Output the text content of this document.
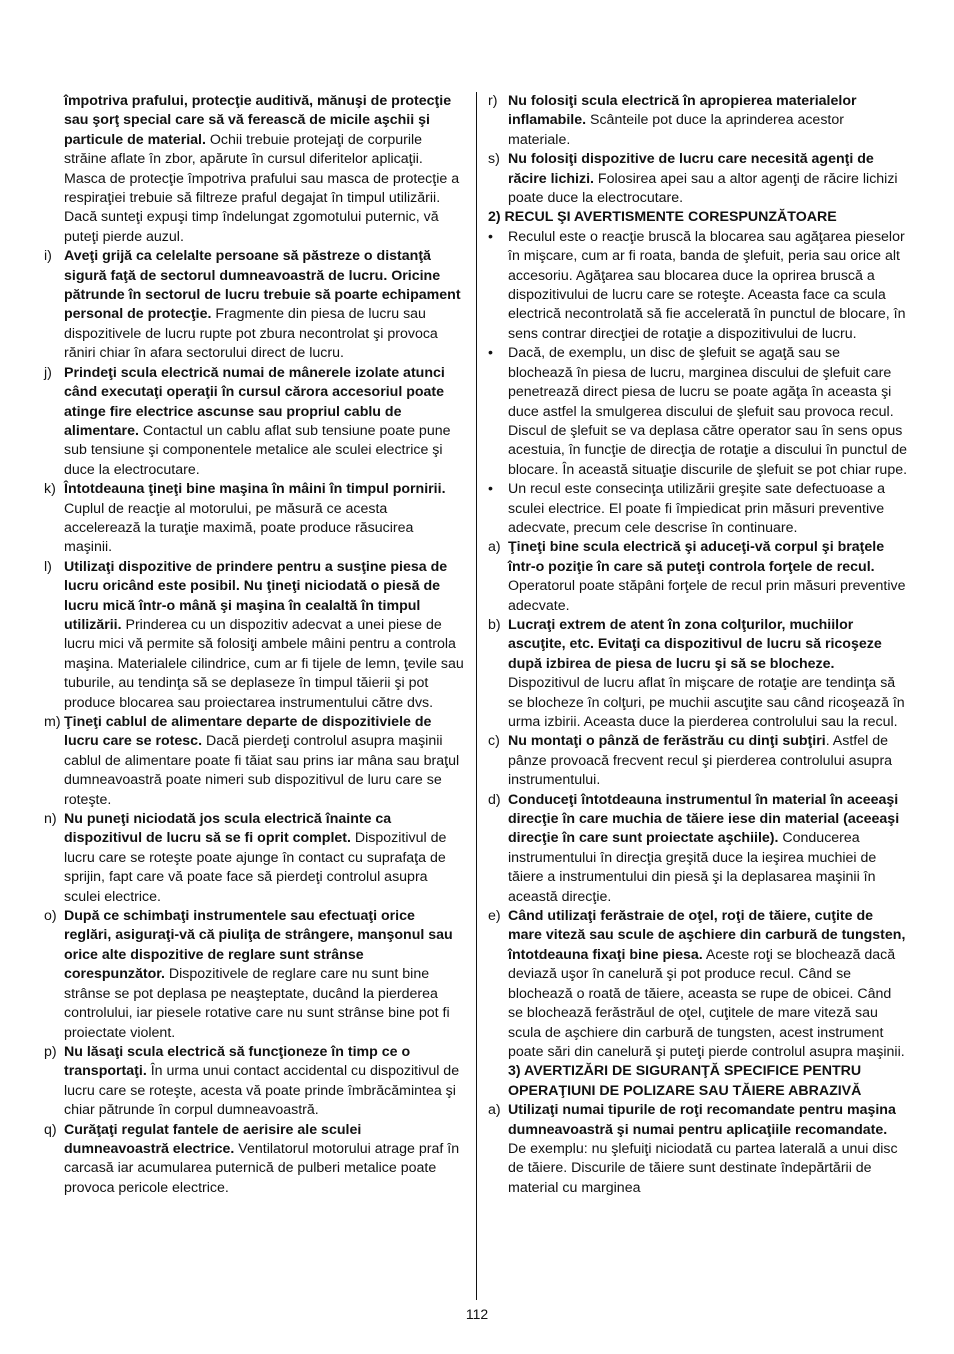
împotriva prafului, protecţie auditivă, mănuşi de protecţie sau şorţ special care să vă ferească de micile aşchii şi particule de material. Ochii trebuie protejaţi de corpurile străine aflate în zbor, apărute în cursul diferitelor aplicaţii. Masca de protecţie împotriva prafului sau masca de protecţie a respiraţiei trebuie să filtreze praful degajat în timpul utilizării. Dacă sunteţi expuşi timp îndelungat zgomotului puternic, vă puteţi pierde auzul.
i) Aveţi grijă ca celelalte persoane să păstreze o distanţă sigură faţă de sectorul dumneavoastră de lucru. Oricine pătrunde în sectorul de lucru trebuie să poarte echipament personal de protecţie. Fragmente din piesa de lucru sau dispozitivele de lucru rupte pot zbura necontrolat şi provoca răniri chiar în afara sectorului direct de lucru.
j) Prindeţi scula electrică numai de mânerele izolate atunci când executaţi operaţii în cursul cărora accesoriul poate atinge fire electrice ascunse sau propriul cablu de alimentare. Contactul un cablu aflat sub tensiune poate pune sub tensiune şi componentele metalice ale sculei electrice şi duce la electrocutare.
k) Întotdeauna ţineţi bine maşina în mâini în timpul pornirii. Cuplul de reacţie al motorului, pe măsură ce acesta accelerează la turaţie maximă, poate produce răsucirea maşinii.
l) Utilizaţi dispozitive de prindere pentru a susţine piesa de lucru oricând este posibil. Nu ţineţi niciodată o piesă de lucru mică într-o mână şi maşina în cealaltă în timpul utilizării. Prinderea cu un dispozitiv adecvat a unei piese de lucru mici vă permite să folosiţi ambele mâini pentru a controla maşina. Materialele cilindrice, cum ar fi tijele de lemn, ţevile sau tuburile, au tendinţa să se deplaseze în timpul tăierii şi pot produce blocarea sau proiectarea instrumentului către dvs.
m) Ţineţi cablul de alimentare departe de dispozitiviele de lucru care se rotesc. Dacă pierdeţi controlul asupra maşinii cablul de alimentare poate fi tăiat sau prins iar mâna sau braţul dumneavoastră poate nimeri sub dispozitivul de luru care se roteşte.
n) Nu puneţi niciodată jos scula electrică înainte ca dispozitivul de lucru să se fi oprit complet. Dispozitivul de lucru care se roteşte poate ajunge în contact cu suprafaţa de sprijin, fapt care vă poate face să pierdeţi controlul asupra sculei electrice.
o) După ce schimbaţi instrumentele sau efectuaţi orice reglări, asiguraţi-vă că piuliţa de strângere, manşonul sau orice alte dispozitive de reglare sunt strânse corespunzător. Dispozitivele de reglare care nu sunt bine strânse se pot deplasa pe neaşteptate, ducând la pierderea controlului, iar piesele rotative care nu sunt strânse bine pot fi proiectate violent.
p) Nu lăsaţi scula electrică să funcţioneze în timp ce o transportaţi. În urma unui contact accidental cu dispozitivul de lucru care se roteşte, acesta vă poate prinde îmbrăcămintea şi chiar pătrunde în corpul dumneavoastră.
q) Curăţaţi regulat fantele de aerisire ale sculei dumneavoastră electrice. Ventilatorul motorului atrage praf în carcasă iar acumularea puternică de pulberi metalice poate provoca pericole electrice.
r) Nu folosiţi scula electrică în apropierea materialelor inflamabile. Scânteile pot duce la aprinderea acestor materiale.
s) Nu folosiţi dispozitive de lucru care necesită agenţi de răcire lichizi. Folosirea apei sau a altor agenţi de răcire lichizi poate duce la electrocutare.
2) RECUL ŞI AVERTISMENTE CORESPUNZĂTOARE
• Reculul este o reacţie bruscă la blocarea sau agăţarea pieselor în mişcare, cum ar fi roata, banda de şlefuit, peria sau orice alt accesoriu. Agăţarea sau blocarea duce la oprirea bruscă a dispozitivului de lucru care se roteşte. Aceasta face ca scula electrică necontrolată să fie accelerată în punctul de blocare, în sens contrar direcţiei de rotaţie a dispozitivului de lucru.
• Dacă, de exemplu, un disc de şlefuit se agaţă sau se blochează în piesa de lucru, marginea discului de şlefuit care penetrează direct piesa de lucru se poate agăţa în aceasta şi duce astfel la smulgerea discului de şlefuit sau provoca recul. Discul de şlefuit se va deplasa către operator sau în sens opus acestuia, în funcţie de direcţia de rotaţie a discului în punctul de blocare. În această situaţie discurile de şlefuit se pot chiar rupe.
• Un recul este consecinţa utilizării greşite sate defectuoase a sculei electrice. El poate fi împiedicat prin măsuri preventive adecvate, precum cele descrise în continuare.
a) Ţineţi bine scula electrică şi aduceţi-vă corpul şi braţele într-o poziţie în care să puteţi controla forţele de recul. Operatorul poate stăpâni forţele de recul prin măsuri preventive adecvate.
b) Lucraţi extrem de atent în zona colţurilor, muchiilor ascuţite, etc. Evitaţi ca dispozitivul de lucru să ricoşeze după izbirea de piesa de lucru şi să se blocheze. Dispozitivul de lucru aflat în mişcare de rotaţie are tendinţa să se blocheze în colţuri, pe muchii ascuţite sau când ricoşează în urma izbirii. Aceasta duce la pierderea controlului sau la recul.
c) Nu montaţi o pânză de ferăstrău cu dinţi subţiri. Astfel de pânze provoacă frecvent recul şi pierderea controlului asupra instrumentului.
d) Conduceţi întotdeauna instrumentul în material în aceeaşi direcţie în care muchia de tăiere iese din material (aceeaşi direcţie în care sunt proiectate aşchiile). Conducerea instrumentului în direcţia greşită duce la ieşirea muchiei de tăiere a instrumentului din piesă şi la deplasarea maşinii în această direcţie.
e) Când utilizaţi ferăstraie de oţel, roţi de tăiere, cuţite de mare viteză sau scule de aşchiere din carbură de tungsten, întotdeauna fixaţi bine piesa. Aceste roţi se blochează dacă deviază uşor în canelură şi pot produce recul. Când se blochează o roată de tăiere, aceasta se rupe de obicei. Când se blochează ferăstrăul de oţel, cuţitele de mare viteză sau scula de aşchiere din carbură de tungsten, acest instrument poate sări din canelură şi puteţi pierde controlul asupra maşinii.
3) AVERTIZĂRI DE SIGURANŢĂ SPECIFICE PENTRU OPERAŢIUNI DE POLIZARE SAU TĂIERE ABRAZIVĂ
a) Utilizaţi numai tipurile de roţi recomandate pentru maşina dumneavoastră şi numai pentru aplicaţiile recomandate. De exemplu: nu şlefuiţi niciodată cu partea laterală a unui disc de tăiere. Discurile de tăiere sunt destinate îndepărtării de material cu marginea
112
